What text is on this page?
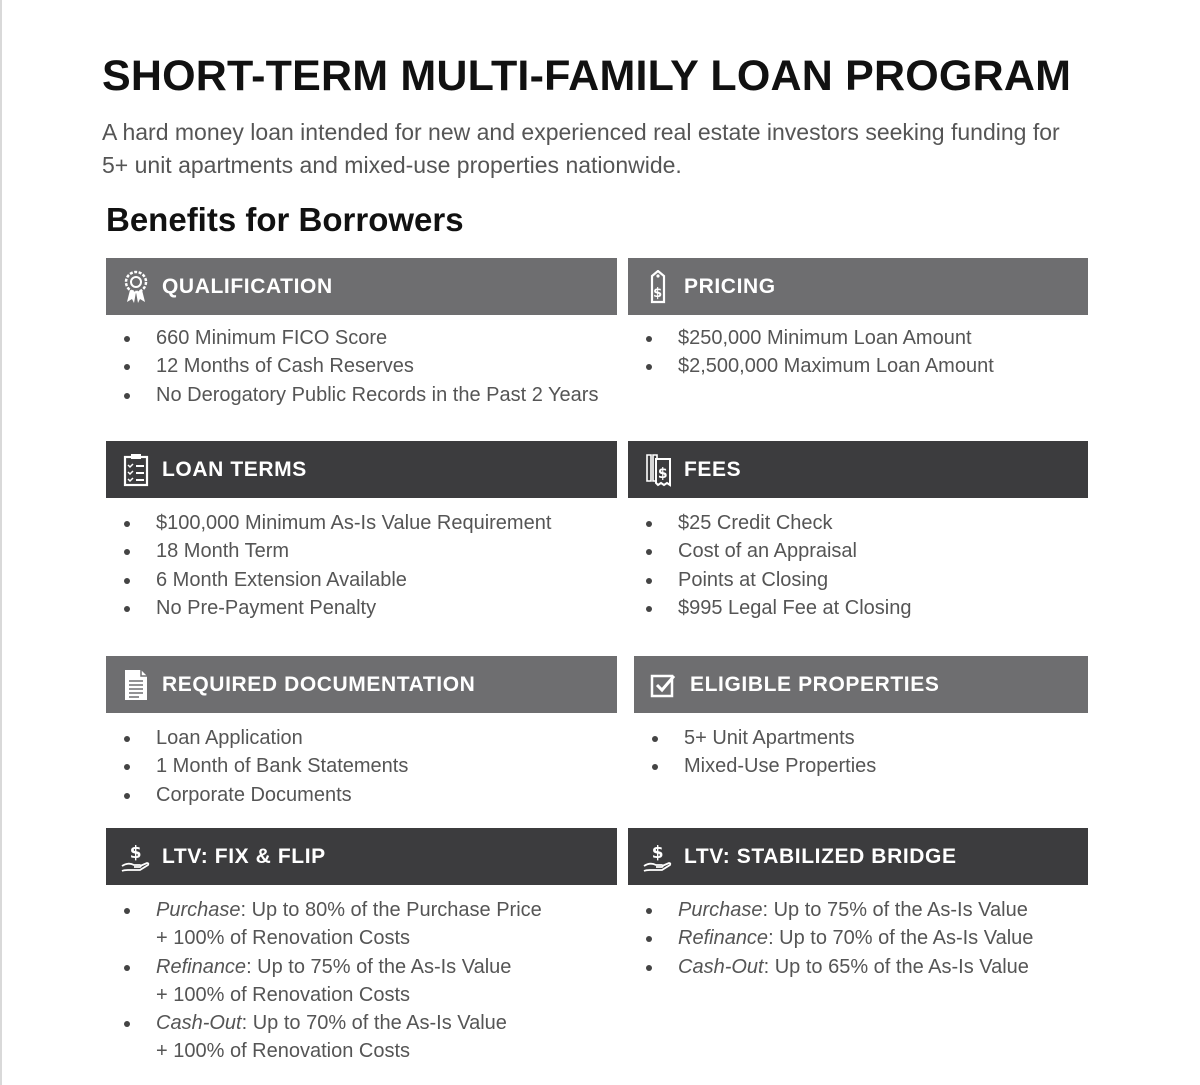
SHORT-TERM MULTI-FAMILY LOAN PROGRAM

A hard money loan intended for new and experienced real estate investors seeking funding for 5+ unit apartments and mixed-use properties nationwide.

Benefits for Borrowers
QUALIFICATION
660 Minimum FICO Score
12 Months of Cash Reserves
No Derogatory Public Records in the Past 2 Years
$ PRICING
$250,000 Minimum Loan Amount
$2,500,000 Maximum Loan Amount
LOAN TERMS
$100,000 Minimum As-Is Value Requirement
18 Month Term
6 Month Extension Available
No Pre-Payment Penalty
$ FEES
$25 Credit Check
Cost of an Appraisal
Points at Closing
$995 Legal Fee at Closing
REQUIRED DOCUMENTATION
Loan Application
1 Month of Bank Statements
Corporate Documents
ELIGIBLE PROPERTIES
5+ Unit Apartments
Mixed-Use Properties
$ LTV: FIX & FLIP
Purchase: Up to 80% of the Purchase Price
+ 100% of Renovation Costs
Refinance: Up to 75% of the As-Is Value
+ 100% of Renovation Costs
Cash-Out: Up to 70% of the As-Is Value
+ 100% of Renovation Costs
$ LTV: STABILIZED BRIDGE
Purchase: Up to 75% of the As-Is Value
Refinance: Up to 70% of the As-Is Value
Cash-Out: Up to 65% of the As-Is Value
